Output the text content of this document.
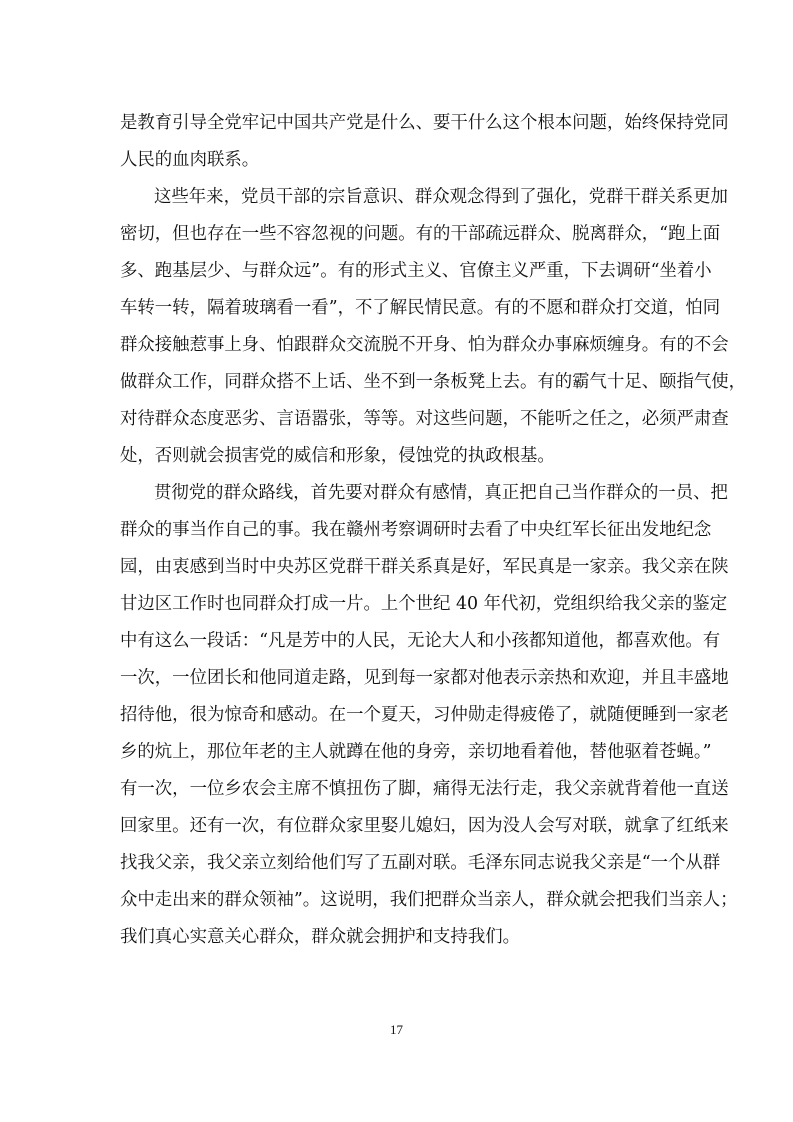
是教育引导全党牢记中国共产党是什么、要干什么这个根本问题，始终保持党同
人民的血肉联系。
这些年来，党员干部的宗旨意识、群众观念得到了强化，党群干群关系更加
密切，但也存在一些不容忽视的问题。有的干部疏远群众、脱离群众，“跑上面
多、跑基层少、与群众远”。有的形式主义、官僚主义严重，下去调研“坐着小
车转一转，隔着玻璃看一看”，不了解民情民意。有的不愿和群众打交道，怕同
群众接触惹事上身、怕跟群众交流脱不开身、怕为群众办事麻烦缠身。有的不会
做群众工作，同群众搭不上话、坐不到一条板凳上去。有的霸气十足、颐指气使，
对待群众态度恶劣、言语嚣张，等等。对这些问题，不能听之任之，必须严肃查
处，否则就会损害党的威信和形象，侵蚀党的执政根基。
贯彻党的群众路线，首先要对群众有感情，真正把自己当作群众的一员、把
群众的事当作自己的事。我在赣州考察调研时去看了中央红军长征出发地纪念
园，由衷感到当时中央苏区党群干群关系真是好，军民真是一家亲。我父亲在陕
甘边区工作时也同群众打成一片。上个世纪 40 年代初，党组织给我父亲的鉴定
中有这么一段话：“凡是芳中的人民，无论大人和小孩都知道他，都喜欢他。有
一次，一位团长和他同道走路，见到每一家都对他表示亲热和欢迎，并且丰盛地
招待他，很为惊奇和感动。在一个夏天，习仲勋走得疲倦了，就随便睡到一家老
乡的炕上，那位年老的主人就蹲在他的身旁，亲切地看着他，替他驱着苍蝇。”
有一次，一位乡农会主席不慎扭伤了脚，痛得无法行走，我父亲就背着他一直送
回家里。还有一次，有位群众家里娶儿媳妇，因为没人会写对联，就拿了红纸来
找我父亲，我父亲立刻给他们写了五副对联。毛泽东同志说我父亲是“一个从群
众中走出来的群众领袖”。这说明，我们把群众当亲人，群众就会把我们当亲人；
我们真心实意关心群众，群众就会拥护和支持我们。
17
